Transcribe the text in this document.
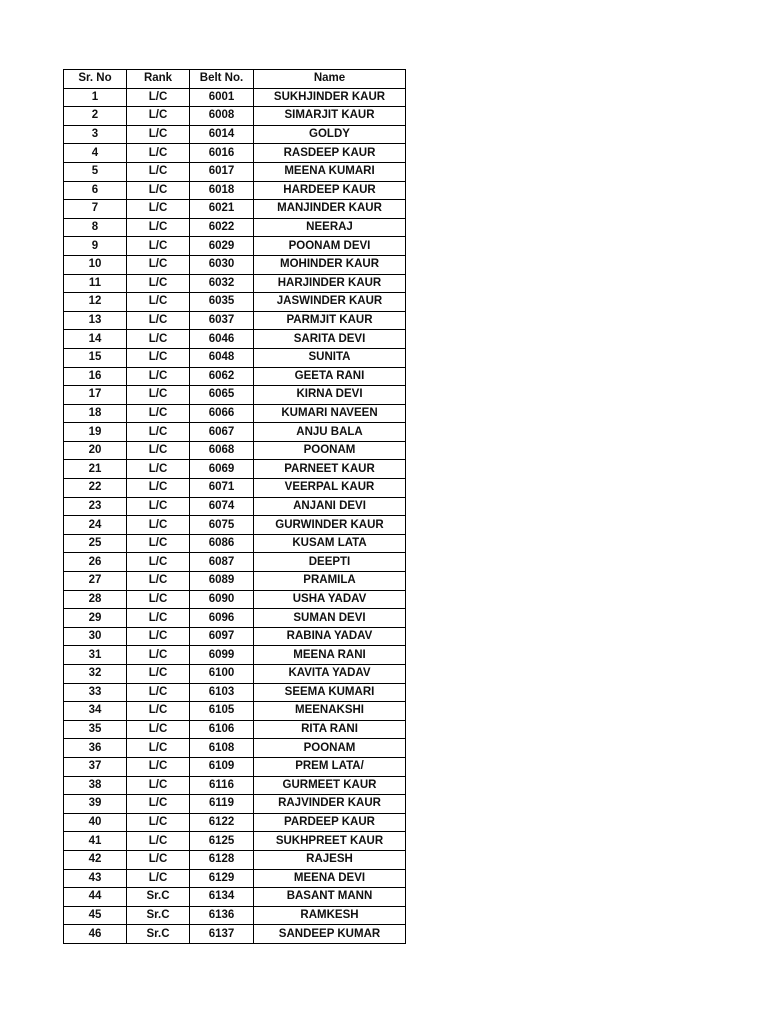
Sr. No	Rank	Belt No.	Name
1	L/C	6001	SUKHJINDER KAUR
2	L/C	6008	SIMARJIT KAUR
3	L/C	6014	GOLDY
4	L/C	6016	RASDEEP KAUR
5	L/C	6017	MEENA KUMARI
6	L/C	6018	HARDEEP KAUR
7	L/C	6021	MANJINDER KAUR
8	L/C	6022	NEERAJ
9	L/C	6029	POONAM DEVI
10	L/C	6030	MOHINDER KAUR
11	L/C	6032	HARJINDER KAUR
12	L/C	6035	JASWINDER KAUR
13	L/C	6037	PARMJIT KAUR
14	L/C	6046	SARITA DEVI
15	L/C	6048	SUNITA
16	L/C	6062	GEETA RANI
17	L/C	6065	KIRNA DEVI
18	L/C	6066	KUMARI NAVEEN
19	L/C	6067	ANJU BALA
20	L/C	6068	POONAM
21	L/C	6069	PARNEET KAUR
22	L/C	6071	VEERPAL KAUR
23	L/C	6074	ANJANI DEVI
24	L/C	6075	GURWINDER KAUR
25	L/C	6086	KUSAM LATA
26	L/C	6087	DEEPTI
27	L/C	6089	PRAMILA
28	L/C	6090	USHA YADAV
29	L/C	6096	SUMAN DEVI
30	L/C	6097	RABINA YADAV
31	L/C	6099	MEENA RANI
32	L/C	6100	KAVITA YADAV
33	L/C	6103	SEEMA KUMARI
34	L/C	6105	MEENAKSHI
35	L/C	6106	RITA RANI
36	L/C	6108	POONAM
37	L/C	6109	PREM LATA/
38	L/C	6116	GURMEET KAUR
39	L/C	6119	RAJVINDER KAUR
40	L/C	6122	PARDEEP KAUR
41	L/C	6125	SUKHPREET KAUR
42	L/C	6128	RAJESH
43	L/C	6129	MEENA DEVI
44	Sr.C	6134	BASANT MANN
45	Sr.C	6136	RAMKESH
46	Sr.C	6137	SANDEEP KUMAR
